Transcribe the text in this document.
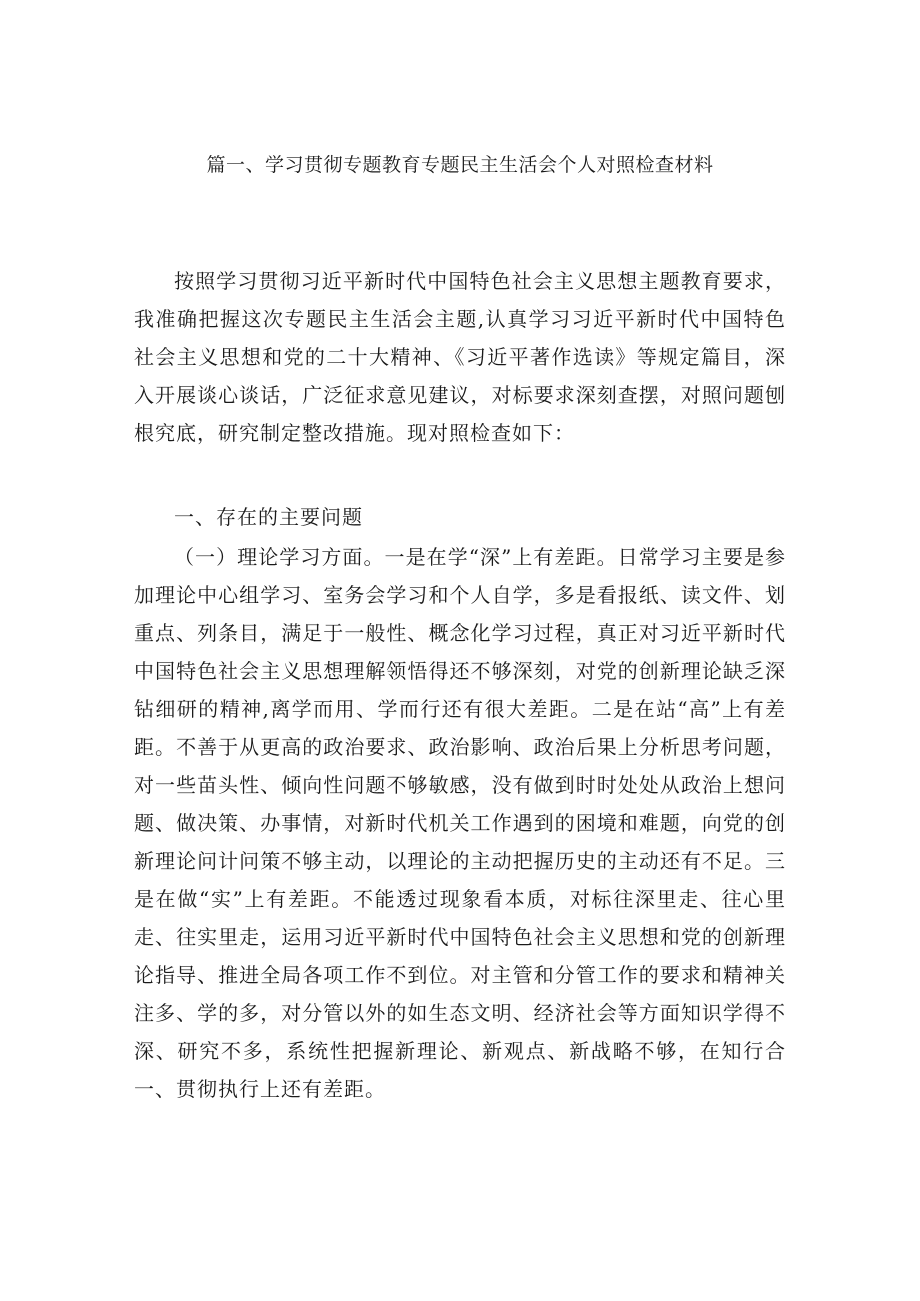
篇一、学习贯彻专题教育专题民主生活会个人对照检查材料

按照学习贯彻习近平新时代中国特色社会主义思想主题教育要求，我准确把握这次专题民主生活会主题,认真学习习近平新时代中国特色社会主义思想和党的二十大精神、《习近平著作选读》等规定篇目，深入开展谈心谈话，广泛征求意见建议，对标要求深刻查摆，对照问题刨根究底，研究制定整改措施。现对照检查如下：

一、存在的主要问题

（一）理论学习方面。一是在学“深”上有差距。日常学习主要是参加理论中心组学习、室务会学习和个人自学，多是看报纸、读文件、划重点、列条目，满足于一般性、概念化学习过程，真正对习近平新时代中国特色社会主义思想理解领悟得还不够深刻，对党的创新理论缺乏深钻细研的精神,离学而用、学而行还有很大差距。二是在站“高”上有差距。不善于从更高的政治要求、政治影响、政治后果上分析思考问题，对一些苗头性、倾向性问题不够敏感，没有做到时时处处从政治上想问题、做决策、办事情，对新时代机关工作遇到的困境和难题，向党的创新理论问计问策不够主动，以理论的主动把握历史的主动还有不足。三是在做“实”上有差距。不能透过现象看本质，对标往深里走、往心里走、往实里走，运用习近平新时代中国特色社会主义思想和党的创新理论指导、推进全局各项工作不到位。对主管和分管工作的要求和精神关注多、学的多，对分管以外的如生态文明、经济社会等方面知识学得不深、研究不多，系统性把握新理论、新观点、新战略不够，在知行合一、贯彻执行上还有差距。
